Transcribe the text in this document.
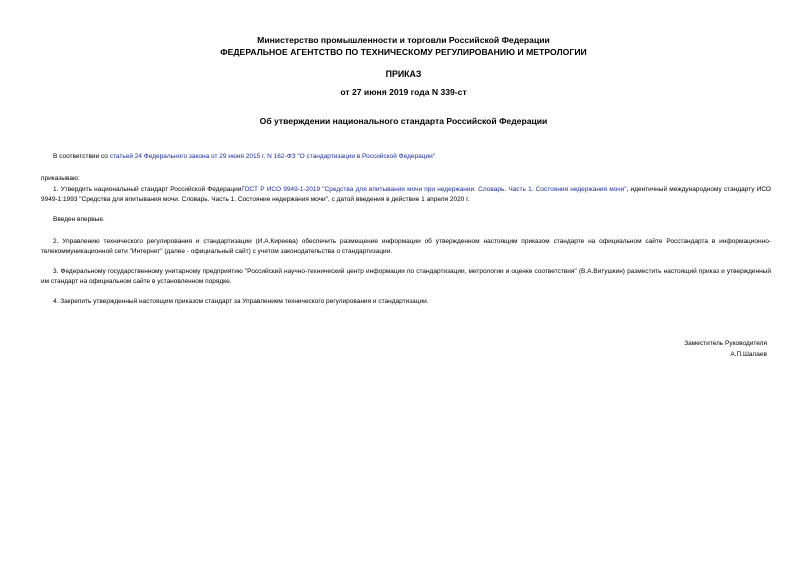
Министерство промышленности и торговли Российской Федерации
ФЕДЕРАЛЬНОЕ АГЕНТСТВО ПО ТЕХНИЧЕСКОМУ РЕГУЛИРОВАНИЮ И МЕТРОЛОГИИ
ПРИКАЗ
от 27 июня 2019 года N 339-ст
Об утверждении национального стандарта Российской Федерации
В соответствии со статьей 24 Федерального закона от 29 июня 2015 г. N 162-ФЗ "О стандартизации в Российской Федерации"
приказываю:
1. Утвердить национальный стандарт Российской ФедерацииГОСТ Р ИСО 9949-1-2019 "Средства для впитывания мочи при недержании. Словарь. Часть 1. Состояния недержания мочи", идентичный международному стандарту ИСО 9949-1:1993 "Средства для впитывания мочи. Словарь. Часть 1. Состояние недержания мочи", с датой введения в действие 1 апреля 2020 г.
Введен впервые.
2. Управлению технического регулирования и стандартизации (И.А.Киреева) обеспечить размещение информации об утвержденном настоящим приказом стандарте на официальном сайте Росстандарта в информационно-телекоммуникационной сети "Интернет" (далее - официальный сайт) с учетом законодательства о стандартизации.
3. Федеральному государственному унитарному предприятию "Российский научно-технический центр информации по стандартизации, метрологии и оценке соответствия" (В.А.Витушкин) разместить настоящий приказ и утвержденный им стандарт на официальном сайте в установленном порядке.
4. Закрепить утвержденный настоящим приказом стандарт за Управлением технического регулирования и стандартизации.
Заместитель Руководителя
А.П.Шалаев
